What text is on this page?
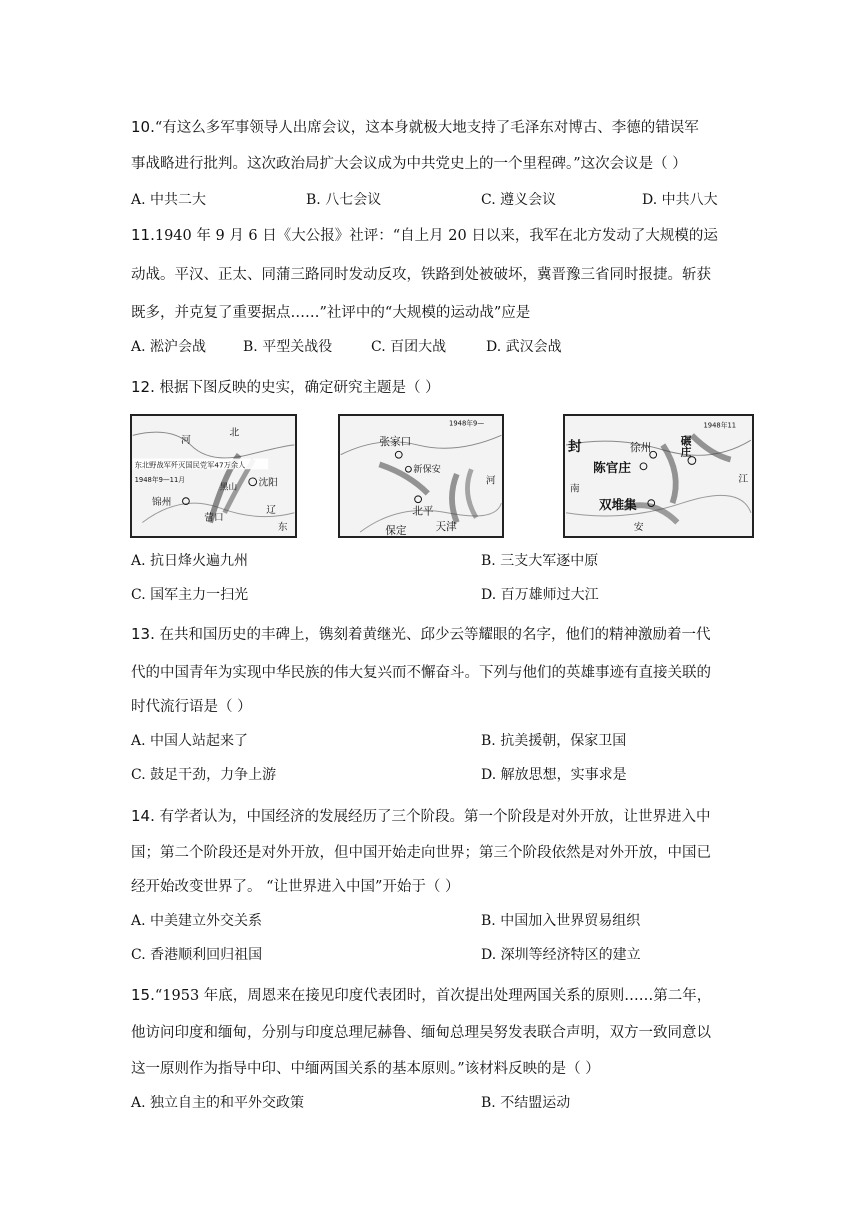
10.“有这么多军事领导人出席会议，这本身就极大地支持了毛泽东对博古、李德的错误军
事战略进行批判。这次政治局扩大会议成为中共党史上的一个里程碑。”这次会议是（ ）
A. 中共二大	B. 八七会议	C. 遵义会议	D. 中共八大
11.1940 年 9 月 6 日《大公报》社评：“自上月 20 日以来，我军在北方发动了大规模的运
动战。平汉、正太、同蒲三路同时发动反攻，铁路到处被破坏，冀晋豫三省同时报捷。斩获
既多，并克复了重要据点……”社评中的“大规模的运动战”应是
A. 淞沪会战	B. 平型关战役	C. 百团大战	D. 武汉会战
12. 根据下图反映的史实，确定研究主题是（ ）
东北野战军歼灭国民党军47万余人
1948年9—11月	沈阳
锦州
营口
黑山
北
河
辽
东
1948年9—
张家口
新保安
北平
天津
保定
河
1948年11
徐州	碾庄
陈官庄
双堆集
封
南
安
江
A. 抗日烽火遍九州	B. 三支大军逐中原
C. 国军主力一扫光	D. 百万雄师过大江
13. 在共和国历史的丰碑上，镌刻着黄继光、邱少云等耀眼的名字，他们的精神激励着一代
代的中国青年为实现中华民族的伟大复兴而不懈奋斗。下列与他们的英雄事迹有直接关联的
时代流行语是（ ）
A. 中国人站起来了	B. 抗美援朝，保家卫国
C. 鼓足干劲，力争上游	D. 解放思想，实事求是
14. 有学者认为，中国经济的发展经历了三个阶段。第一个阶段是对外开放，让世界进入中
国；第二个阶段还是对外开放，但中国开始走向世界；第三个阶段依然是对外开放，中国已
经开始改变世界了。 “让世界进入中国”开始于（ ）
A. 中美建立外交关系	B. 中国加入世界贸易组织
C. 香港顺利回归祖国	D. 深圳等经济特区的建立
15.“1953 年底，周恩来在接见印度代表团时，首次提出处理两国关系的原则……第二年，
他访问印度和缅甸，分别与印度总理尼赫鲁、缅甸总理吴努发表联合声明，双方一致同意以
这一原则作为指导中印、中缅两国关系的基本原则。”该材料反映的是（ ）
A. 独立自主的和平外交政策	B. 不结盟运动
